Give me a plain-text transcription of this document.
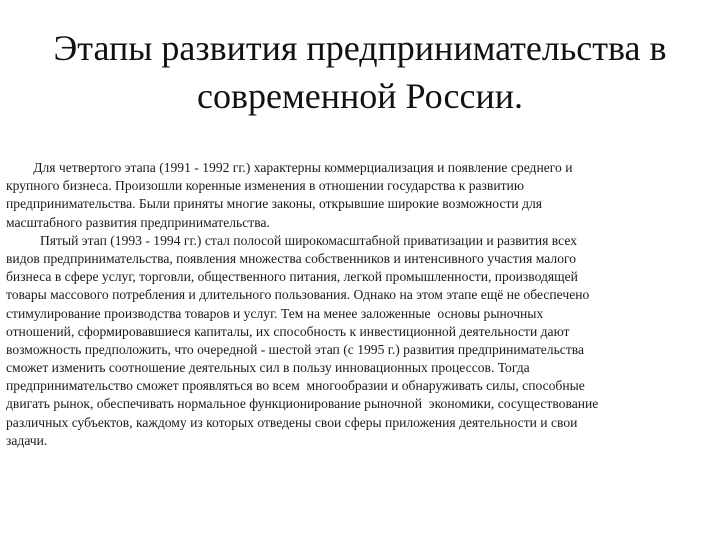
Этапы развития предпринимательства в
современной России.
Для четвертого этапа (1991 - 1992 гг.) характерны коммерциализация и появление среднего и
крупного бизнеса. Произошли коренные изменения в отношении государства к развитию
предпринимательства. Были приняты многие законы, открывшие широкие возможности для
масштабного развития предпринимательства.
Пятый этап (1993 - 1994 гг.) стал полосой широкомасштабной приватизации и развития всех
видов предпринимательства, появления множества собственников и интенсивного участия малого
бизнеса в сфере услуг, торговли, общественного питания, легкой промышленности, производящей
товары массового потребления и длительного пользования. Однако на этом этапе ещё не обеспечено
стимулирование производства товаров и услуг. Тем на менее заложенные  основы рыночных
отношений, сформировавшиеся капиталы, их способность к инвестиционной деятельности дают
возможность предположить, что очередной - шестой этап (с 1995 г.) развития предпринимательства
сможет изменить соотношение деятельных сил в пользу инновационных процессов. Тогда
предпринимательство сможет проявляться во всем  многообразии и обнаруживать силы, способные
двигать рынок, обеспечивать нормальное функционирование рыночной  экономики, сосуществование
различных субъектов, каждому из которых отведены свои сферы приложения деятельности и свои
задачи.
